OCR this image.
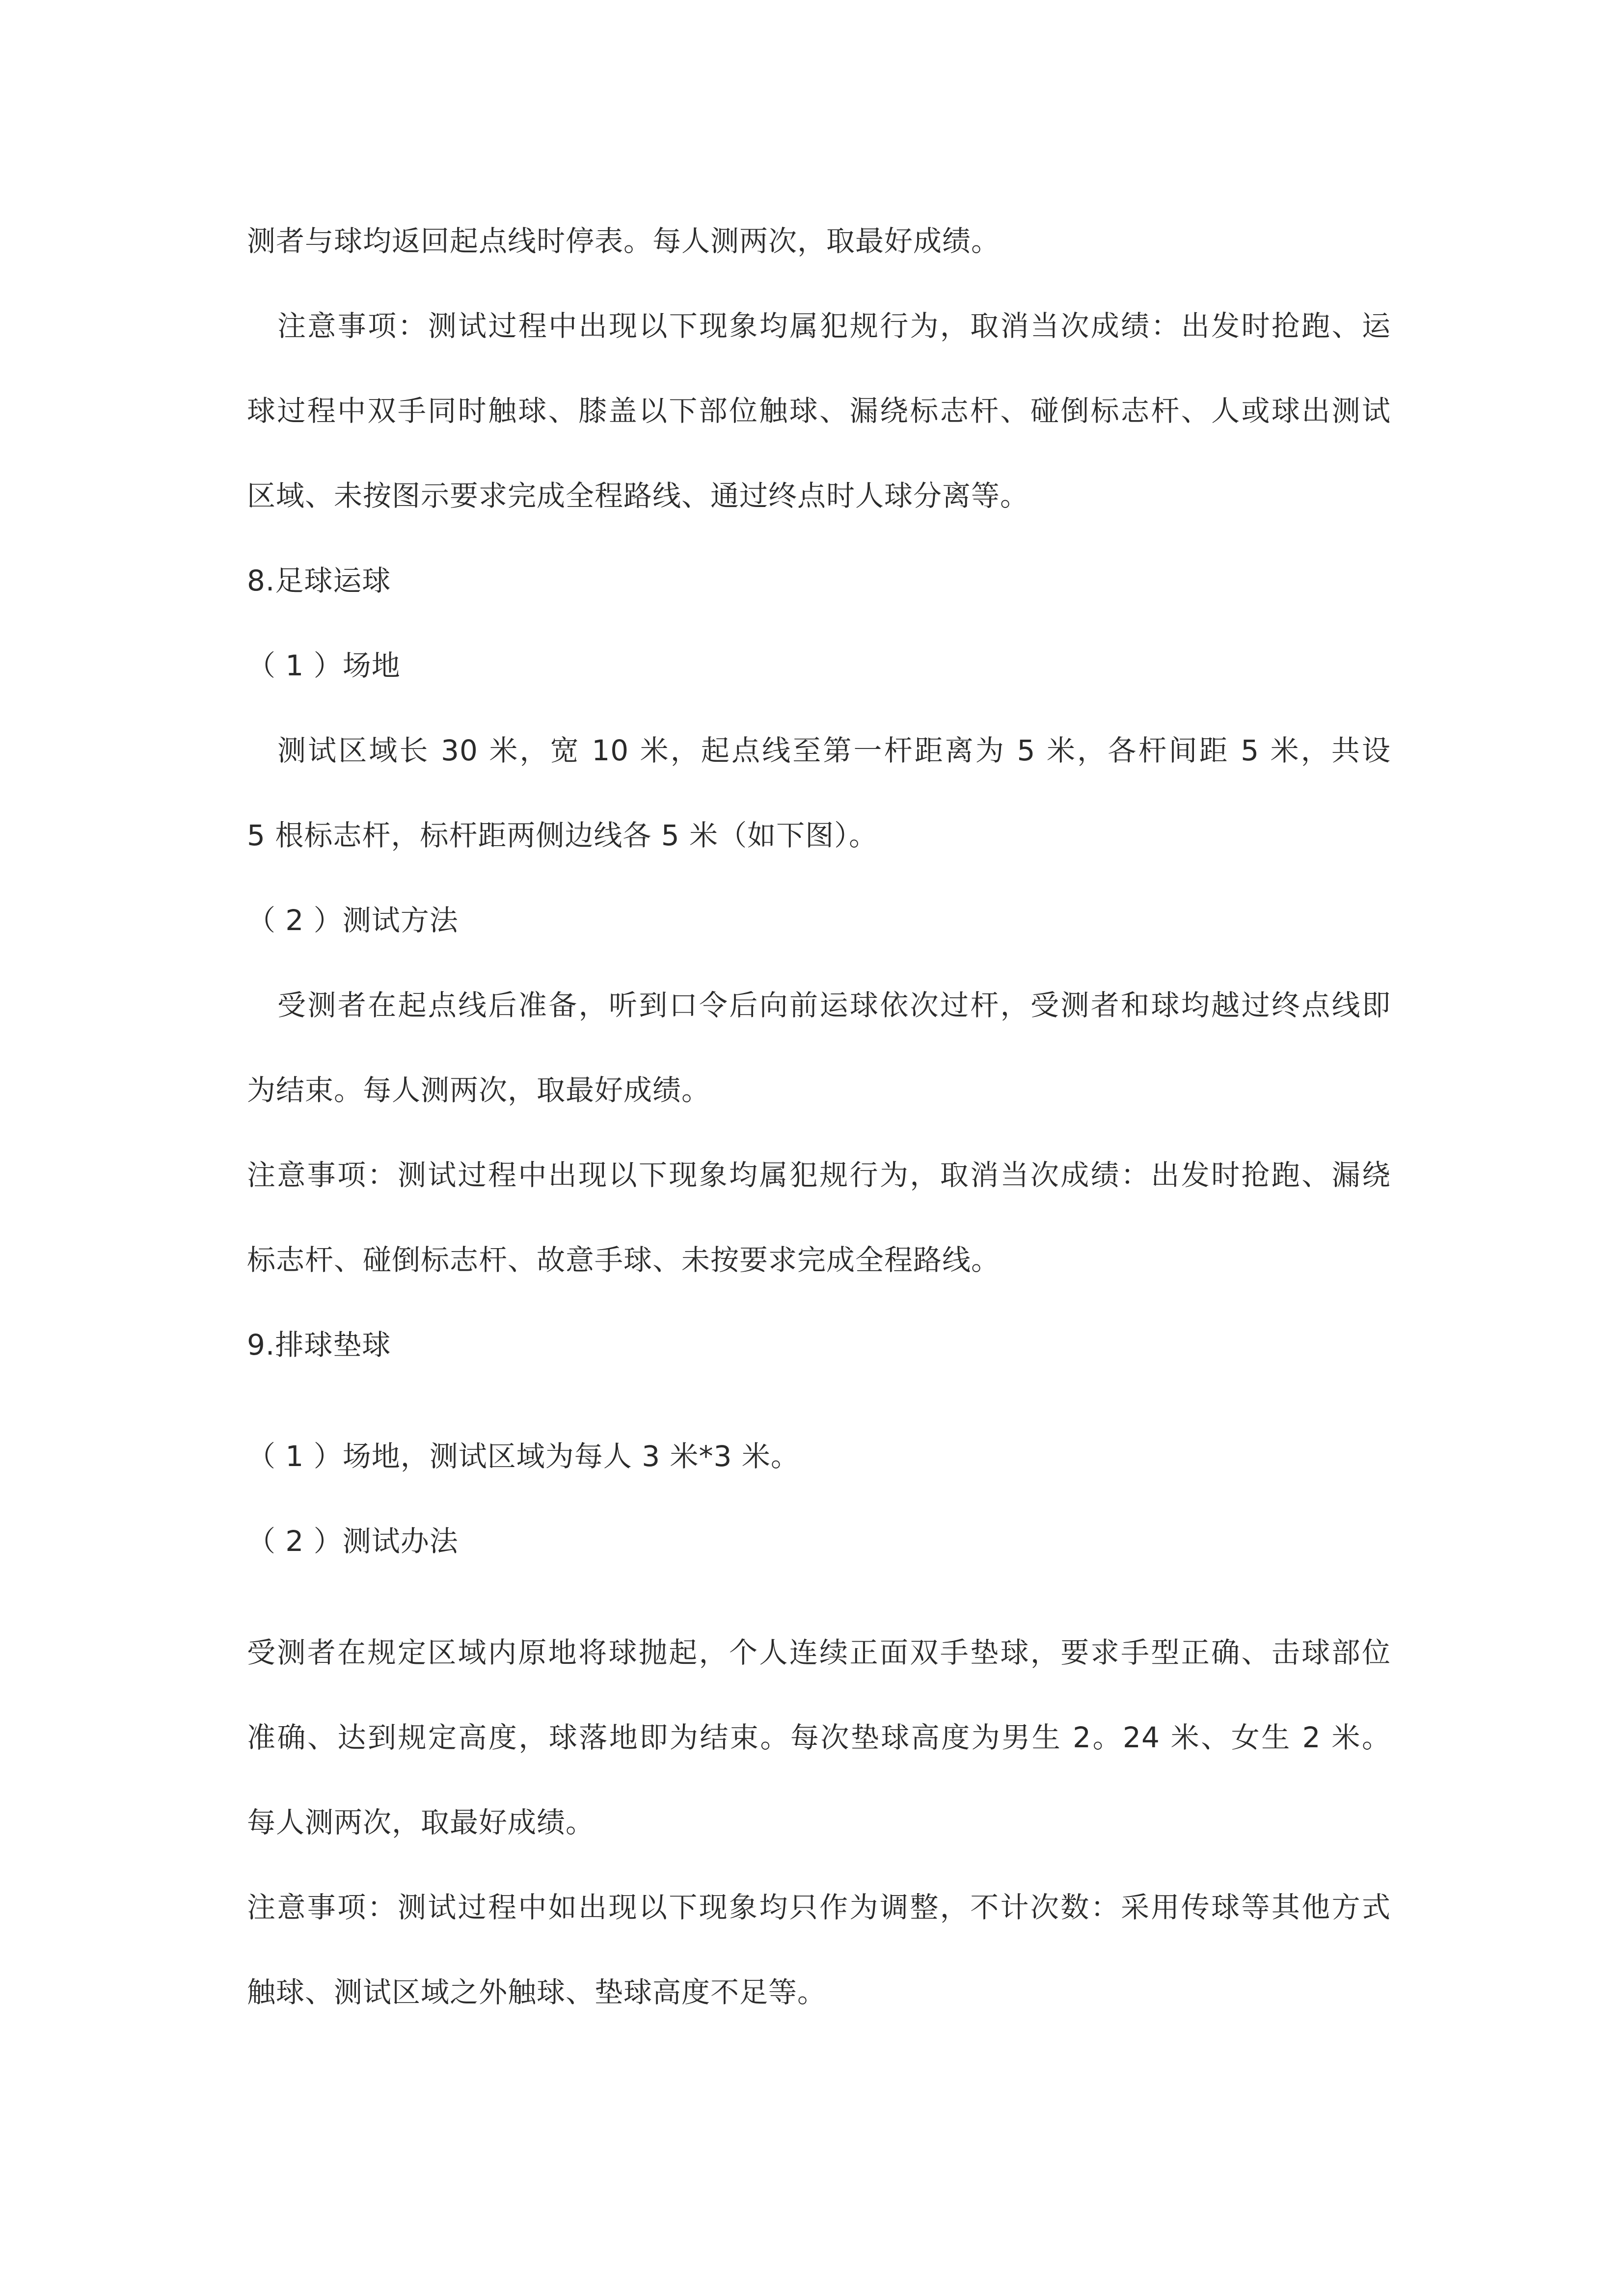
测者与球均返回起点线时停表。每人测两次，取最好成绩。
注意事项：测试过程中出现以下现象均属犯规行为，取消当次成绩：出发时抢跑、运
球过程中双手同时触球、膝盖以下部位触球、漏绕标志杆、碰倒标志杆、人或球出测试
区域、未按图示要求完成全程路线、通过终点时人球分离等。
8.足球运球
（ 1 ）场地
测试区域长 30 米，宽 10 米，起点线至第一杆距离为 5 米，各杆间距 5 米，共设
5 根标志杆，标杆距两侧边线各 5 米（如下图）。
（ 2 ）测试方法
受测者在起点线后准备，听到口令后向前运球依次过杆，受测者和球均越过终点线即
为结束。每人测两次，取最好成绩。
注意事项：测试过程中出现以下现象均属犯规行为，取消当次成绩：出发时抢跑、漏绕
标志杆、碰倒标志杆、故意手球、未按要求完成全程路线。
9.排球垫球
（ 1 ）场地，测试区域为每人 3 米*3 米。
（ 2 ）测试办法
受测者在规定区域内原地将球抛起，个人连续正面双手垫球，要求手型正确、击球部位
准确、达到规定高度，球落地即为结束。每次垫球高度为男生 2。24 米、女生 2 米。
每人测两次，取最好成绩。
注意事项：测试过程中如出现以下现象均只作为调整，不计次数：采用传球等其他方式
触球、测试区域之外触球、垫球高度不足等。
